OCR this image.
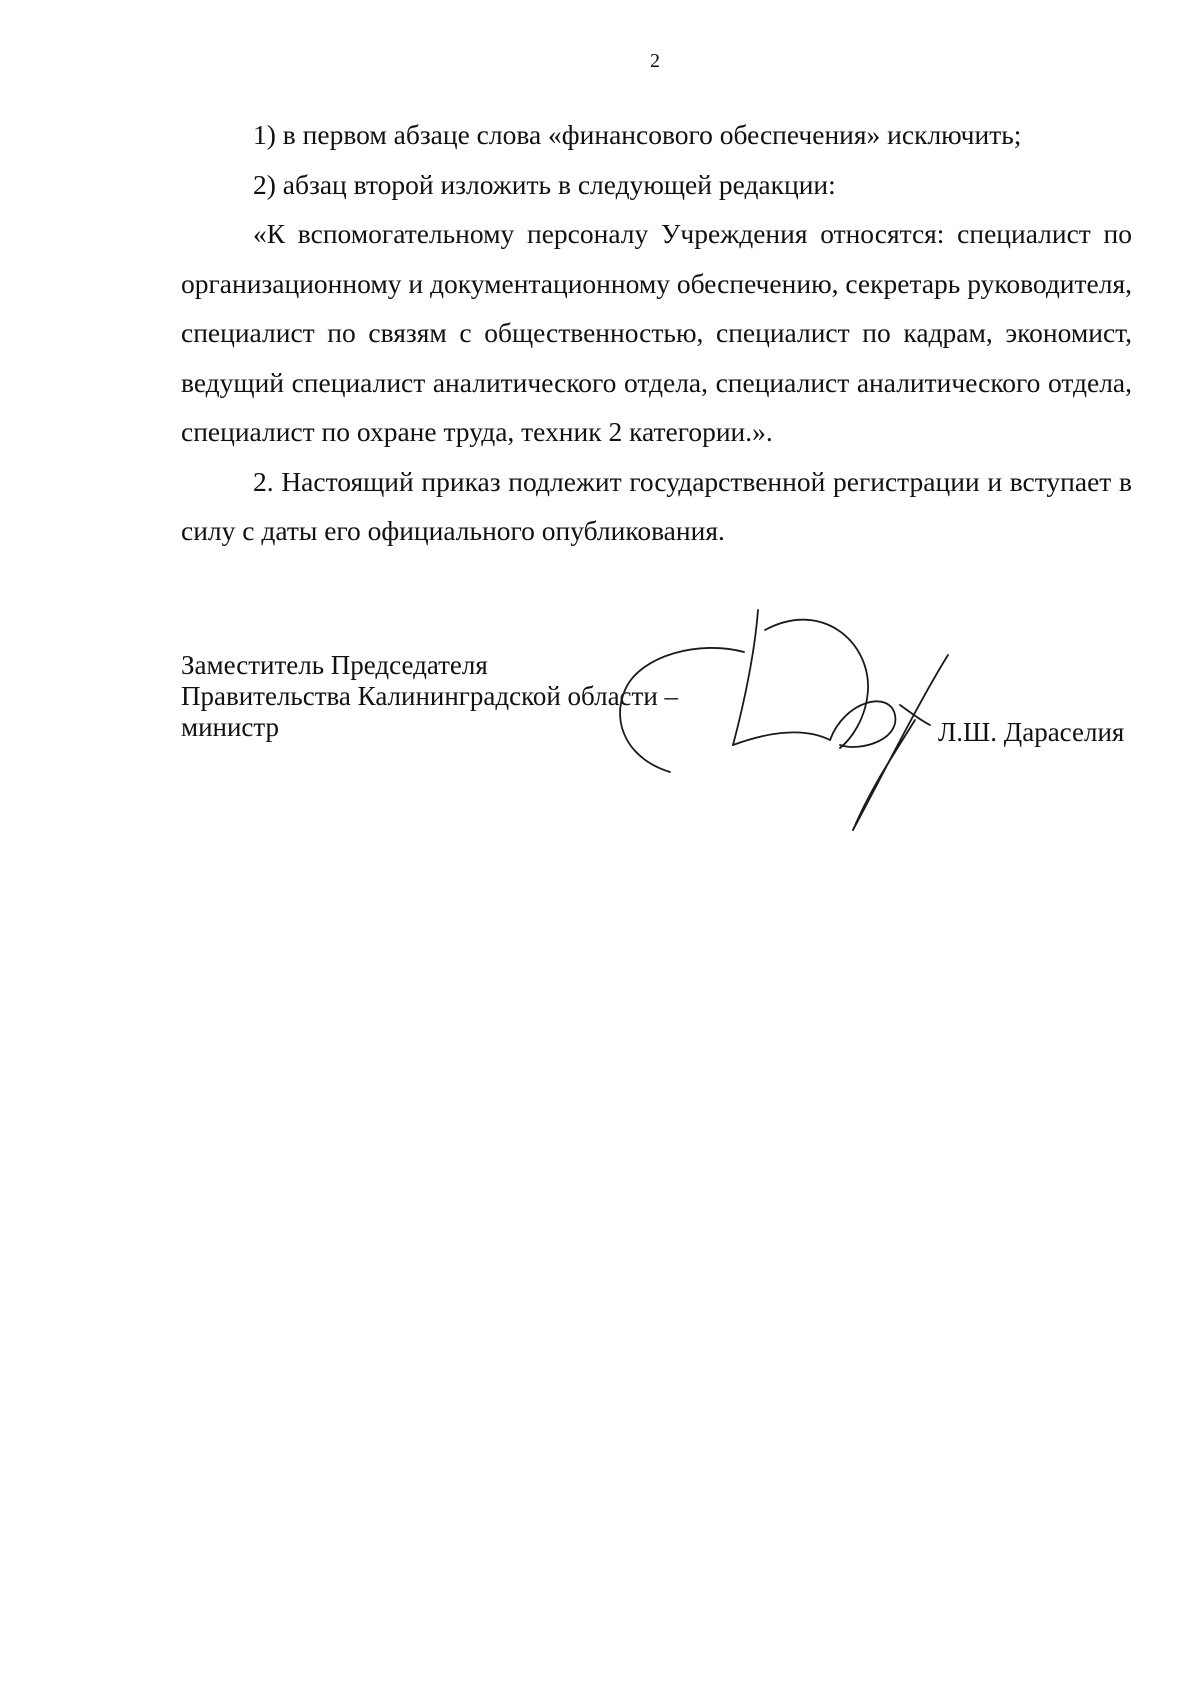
2

1) в первом абзаце слова «финансового обеспечения» исключить;

2) абзац второй изложить в следующей редакции:

«К вспомогательному персоналу Учреждения относятся: специалист по организационному и документационному обеспечению, секретарь руководителя, специалист по связям с общественностью, специалист по кадрам, экономист, ведущий специалист аналитического отдела, специалист аналитического отдела, специалист по охране труда, техник 2 категории.».

2. Настоящий приказ подлежит государственной регистрации и вступает в силу с даты его официального опубликования.

Заместитель Председателя
Правительства Калининградской области –
министр	Л.Ш. Дараселия
